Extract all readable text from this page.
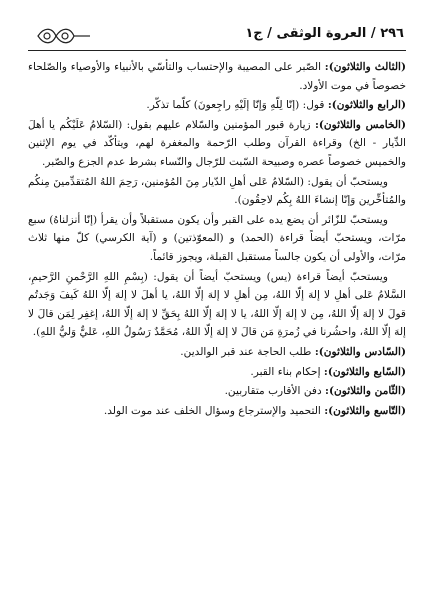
٢٩٦ / العروة الوثقى / ج١

(الثالث والثلاثون): الصّبر على المصيبة والإحتساب والتأسّي بالأنبياء والأوصياء والصّلحاء خصوصاً في موت الأولاد.

(الرابع والثلاثون): قول: (إنّا لِلّهِ وَإنّا إلَيْهِ راجِعونَ) كلّما تذكّر.

(الخامس والثلاثون): زيارة قبور المؤمنين والسّلام عليهم بقول: (السّلامُ عَلَيْكُم يا أهلَ الدِّيار - الخ) وقراءة القرآن وطلب الرّحمة والمغفرة لهم، ويتأكّد في يوم الإثنين والخميس خصوصاً عصره وصبيحة السّبت للرّجال والنّساء بشرط عدم الجزع والصّبر.

ويستحبّ أن يقول: (السّلامُ عَلى أهلِ الدّيار مِنَ المُؤمنين، رَحِمَ اللهُ المُتقدِّمينَ مِنكُم والمُتأخِّرين وَإنّا إنشاءَ اللهُ بِكُم لاحِقُون).

ويستحبّ للزّائر أن يضع يده على القبر وأن يكون مستقبلاً وأن يقرأ (إنّا أنزلناهُ) سبع مرّات، ويستحبّ أيضاً قراءة (الحمد) و (المعوّذتين) و (آية الكرسي) كلّ منها ثلاث مرّات، والأولى أن يكون جالساً مستقبل القبلة، ويجوز قائماً.

ويستحبّ أيضاً قراءة (يس) ويستحبّ أيضاً أن يقول: (بِسْمِ اللهِ الرَّحْمنِ الرَّحيمِ، السَّلامُ عَلى أهلِ لا إلهَ إلّا اللهُ، مِن أهلِ لا إلهَ إلّا اللهُ، يا أهلَ لا إلهَ إلّا اللهُ كَيفَ وَجَدتُم قولَ لا إلهَ إلّا اللهُ، مِن لا إلهَ إلّا اللهُ، يا لا إلهَ إلّا اللهُ بِحَقِّ لا إلهَ إلّا اللهُ، إغفِر لِمَن قالَ لا إلهَ إلّا اللهُ، واحشُرنا في زُمرَةِ مَن قالَ لا إلهَ إلّا اللهُ، مُحَمَّدٌ رَسُولُ اللهِ، عَليٌّ وَليُّ اللهِ).

(السّادس والثلاثون): طلب الحاجة عند قبر الوالدين.

(السّابع والثلاثون): إحكام بناء القبر.

(الثّامن والثلاثون): دفن الأقارب متقاربين.

(التّاسع والثلاثون): التحميد والإسترجاع وسؤال الخلف عند موت الولد.
